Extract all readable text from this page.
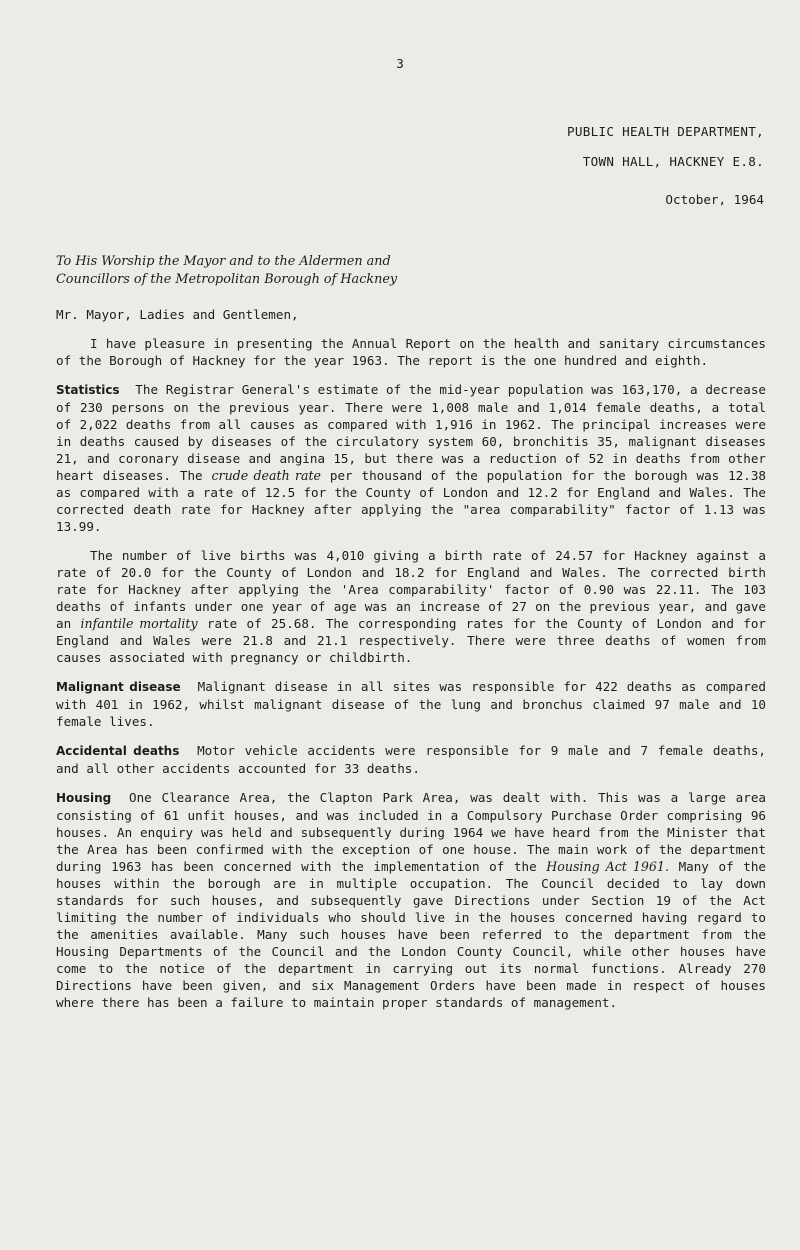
3
PUBLIC HEALTH DEPARTMENT,
TOWN HALL, HACKNEY E.8.
October, 1964
To His Worship the Mayor and to the Aldermen and
Councillors of the Metropolitan Borough of Hackney

Mr. Mayor, Ladies and Gentlemen,

I have pleasure in presenting the Annual Report on the health and sanitary circumstances of the Borough of Hackney for the year 1963. The report is the one hundred and eighth.

Statistics The Registrar General's estimate of the mid-year population was 163,170, a decrease of 230 persons on the previous year. There were 1,008 male and 1,014 female deaths, a total of 2,022 deaths from all causes as compared with 1,916 in 1962. The principal increases were in deaths caused by diseases of the circulatory system 60, bronchitis 35, malignant diseases 21, and coronary disease and angina 15, but there was a reduction of 52 in deaths from other heart diseases. The crude death rate per thousand of the population for the borough was 12.38 as compared with a rate of 12.5 for the County of London and 12.2 for England and Wales. The corrected death rate for Hackney after applying the "area comparability" factor of 1.13 was 13.99.

The number of live births was 4,010 giving a birth rate of 24.57 for Hackney against a rate of 20.0 for the County of London and 18.2 for England and Wales. The corrected birth rate for Hackney after applying the 'Area comparability' factor of 0.90 was 22.11. The 103 deaths of infants under one year of age was an increase of 27 on the previous year, and gave an infantile mortality rate of 25.68. The corresponding rates for the County of London and for England and Wales were 21.8 and 21.1 respectively. There were three deaths of women from causes associated with pregnancy or childbirth.

Malignant disease Malignant disease in all sites was responsible for 422 deaths as compared with 401 in 1962, whilst malignant disease of the lung and bronchus claimed 97 male and 10 female lives.

Accidental deaths Motor vehicle accidents were responsible for 9 male and 7 female deaths, and all other accidents accounted for 33 deaths.

Housing One Clearance Area, the Clapton Park Area, was dealt with. This was a large area consisting of 61 unfit houses, and was included in a Compulsory Purchase Order comprising 96 houses. An enquiry was held and subsequently during 1964 we have heard from the Minister that the Area has been confirmed with the exception of one house. The main work of the department during 1963 has been concerned with the implementation of the Housing Act 1961. Many of the houses within the borough are in multiple occupation. The Council decided to lay down standards for such houses, and subsequently gave Directions under Section 19 of the Act limiting the number of individuals who should live in the houses concerned having regard to the amenities available. Many such houses have been referred to the department from the Housing Departments of the Council and the London County Council, while other houses have come to the notice of the department in carrying out its normal functions. Already 270 Directions have been given, and six Management Orders have been made in respect of houses where there has been a failure to maintain proper standards of management.
